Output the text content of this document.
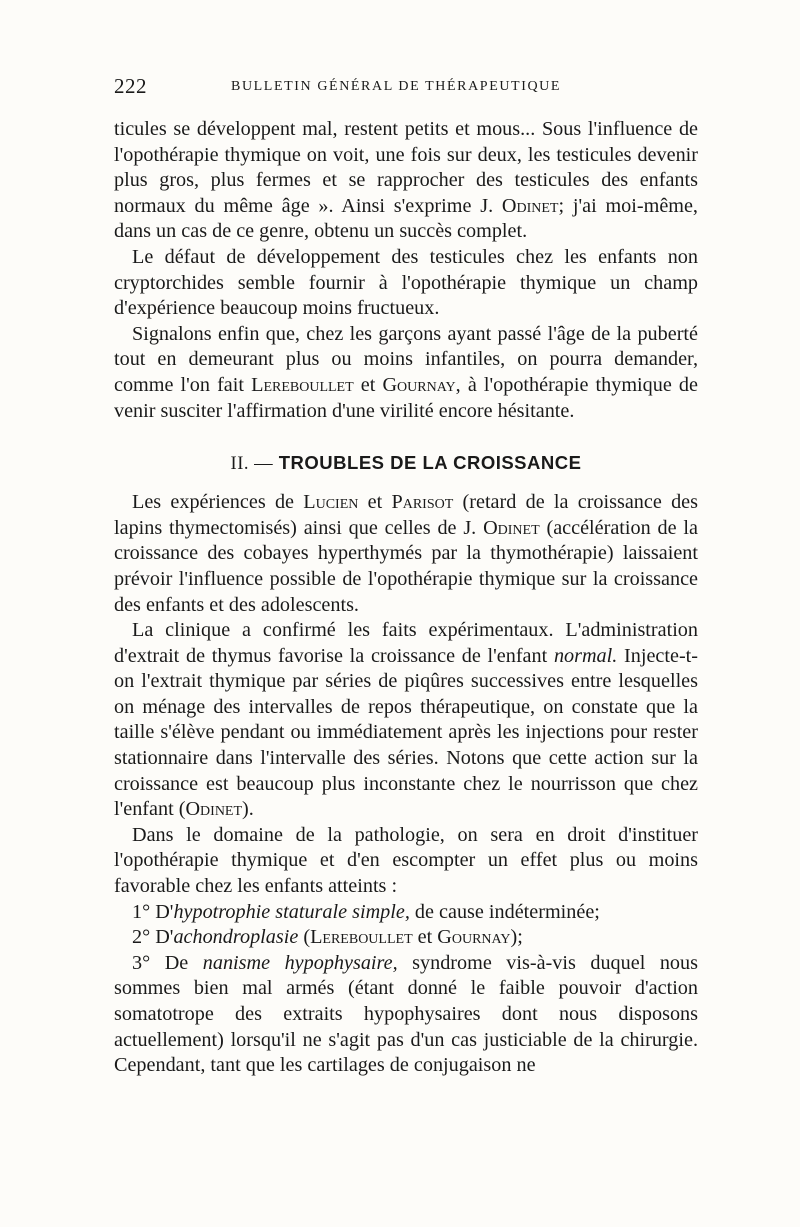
222	BULLETIN GÉNÉRAL DE THÉRAPEUTIQUE

ticules se développent mal, restent petits et mous... Sous l'influence de l'opothérapie thymique on voit, une fois sur deux, les testicules devenir plus gros, plus fermes et se rapprocher des testicules des enfants normaux du même âge ». Ainsi s'exprime J. Odinet; j'ai moi-même, dans un cas de ce genre, obtenu un succès complet.

Le défaut de développement des testicules chez les enfants non cryptorchides semble fournir à l'opothérapie thymique un champ d'expérience beaucoup moins fructueux.

Signalons enfin que, chez les garçons ayant passé l'âge de la puberté tout en demeurant plus ou moins infantiles, on pourra demander, comme l'on fait Lereboullet et Gournay, à l'opothérapie thymique de venir susciter l'affirmation d'une virilité encore hésitante.

II. — TROUBLES DE LA CROISSANCE

Les expériences de Lucien et Parisot (retard de la croissance des lapins thymectomisés) ainsi que celles de J. Odinet (accélération de la croissance des cobayes hyperthymés par la thymothérapie) laissaient prévoir l'influence possible de l'opothérapie thymique sur la croissance des enfants et des adolescents.

La clinique a confirmé les faits expérimentaux. L'administration d'extrait de thymus favorise la croissance de l'enfant normal. Injecte-t-on l'extrait thymique par séries de piqûres successives entre lesquelles on ménage des intervalles de repos thérapeutique, on constate que la taille s'élève pendant ou immédiatement après les injections pour rester stationnaire dans l'intervalle des séries. Notons que cette action sur la croissance est beaucoup plus inconstante chez le nourrisson que chez l'enfant (Odinet).

Dans le domaine de la pathologie, on sera en droit d'instituer l'opothérapie thymique et d'en escompter un effet plus ou moins favorable chez les enfants atteints :

1° D'hypotrophie staturale simple, de cause indéterminée;

2° D'achondroplasie (Lereboullet et Gournay);

3° De nanisme hypophysaire, syndrome vis-à-vis duquel nous sommes bien mal armés (étant donné le faible pouvoir d'action somatotrope des extraits hypophysaires dont nous disposons actuellement) lorsqu'il ne s'agit pas d'un cas justiciable de la chirurgie. Cependant, tant que les cartilages de conjugaison ne
